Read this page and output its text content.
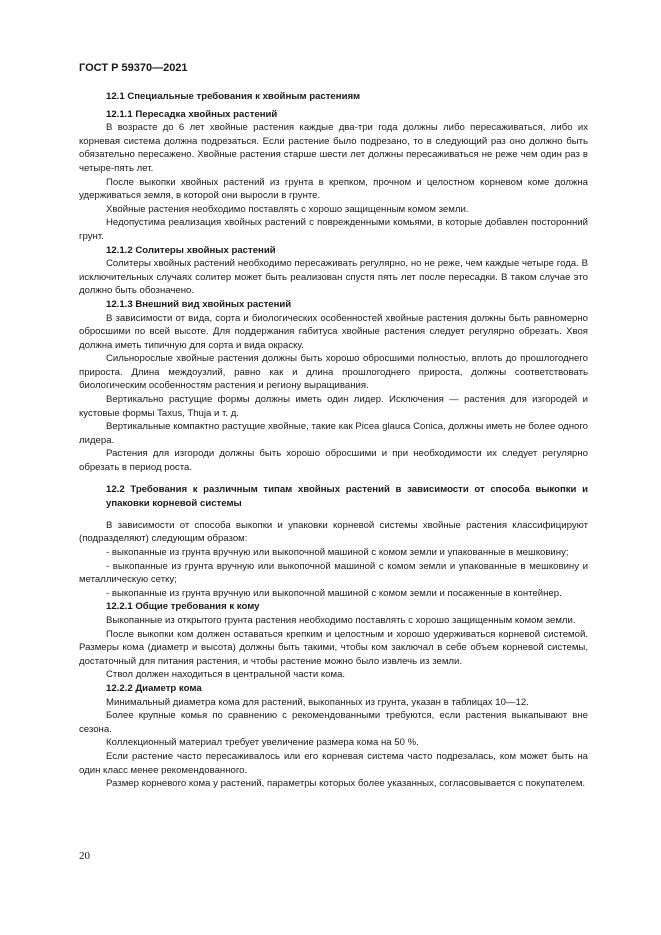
ГОСТ Р 59370—2021

12.1 Специальные требования к хвойным растениям

12.1.1 Пересадка хвойных растений

В возрасте до 6 лет хвойные растения каждые два-три года должны либо пересаживаться, либо их корневая система должна подрезаться. Если растение было подрезано, то в следующий раз оно должно быть обязательно пересажено. Хвойные растения старше шести лет должны пересаживаться не реже чем один раз в четыре-пять лет.

После выкопки хвойных растений из грунта в крепком, прочном и целостном корневом коме должна удерживаться земля, в которой они выросли в грунте.

Хвойные растения необходимо поставлять с хорошо защищенным комом земли.

Недопустима реализация хвойных растений с поврежденными комьями, в которые добавлен посторонний грунт.

12.1.2 Солитеры хвойных растений

Солитеры хвойных растений необходимо пересаживать регулярно, но не реже, чем каждые четыре года. В исключительных случаях солитер может быть реализован спустя пять лет после пересадки. В таком случае это должно быть обозначено.

12.1.3 Внешний вид хвойных растений

В зависимости от вида, сорта и биологических особенностей хвойные растения должны быть равномерно обросшими по всей высоте. Для поддержания габитуса хвойные растения следует регулярно обрезать. Хвоя должна иметь типичную для сорта и вида окраску.

Сильнорослые хвойные растения должны быть хорошо обросшими полностью, вплоть до прошлогоднего прироста. Длина междоузлий, равно как и длина прошлогоднего прироста, должны соответствовать биологическим особенностям растения и региону выращивания.

Вертикально растущие формы должны иметь один лидер. Исключения — растения для изгородей и кустовые формы Taxus, Thuja и т. д.

Вертикальные компактно растущие хвойные, такие как Picea glauca Conica, должны иметь не более одного лидера.

Растения для изгороди должны быть хорошо обросшими и при необходимости их следует регулярно обрезать в период роста.

12.2 Требования к различным типам хвойных растений в зависимости от способа выкопки и упаковки корневой системы

В зависимости от способа выкопки и упаковки корневой системы хвойные растения классифицируют (подразделяют) следующим образом:

- выкопанные из грунта вручную или выкопочной машиной с комом земли и упакованные в мешковину;

- выкопанные из грунта вручную или выкопочной машиной с комом земли и упакованные в мешковину и металлическую сетку;

- выкопанные из грунта вручную или выкопочной машиной с комом земли и посаженные в контейнер.

12.2.1 Общие требования к кому

Выкопанные из открытого грунта растения необходимо поставлять с хорошо защищенным комом земли.

После выкопки ком должен оставаться крепким и целостным и хорошо удерживаться корневой системой. Размеры кома (диаметр и высота) должны быть такими, чтобы ком заключал в себе объем корневой системы, достаточный для питания растения, и чтобы растение можно было извлечь из земли.

Ствол должен находиться в центральной части кома.

12.2.2 Диаметр кома

Минимальный диаметра кома для растений, выкопанных из грунта, указан в таблицах 10—12.

Более крупные комья по сравнению с рекомендованными требуются, если растения выкапывают вне сезона.

Коллекционный материал требует увеличение размера кома на 50 %.

Если растение часто пересаживалось или его корневая система часто подрезалась, ком может быть на один класс менее рекомендованного.

Размер корневого кома у растений, параметры которых более указанных, согласовывается с покупателем.

20
